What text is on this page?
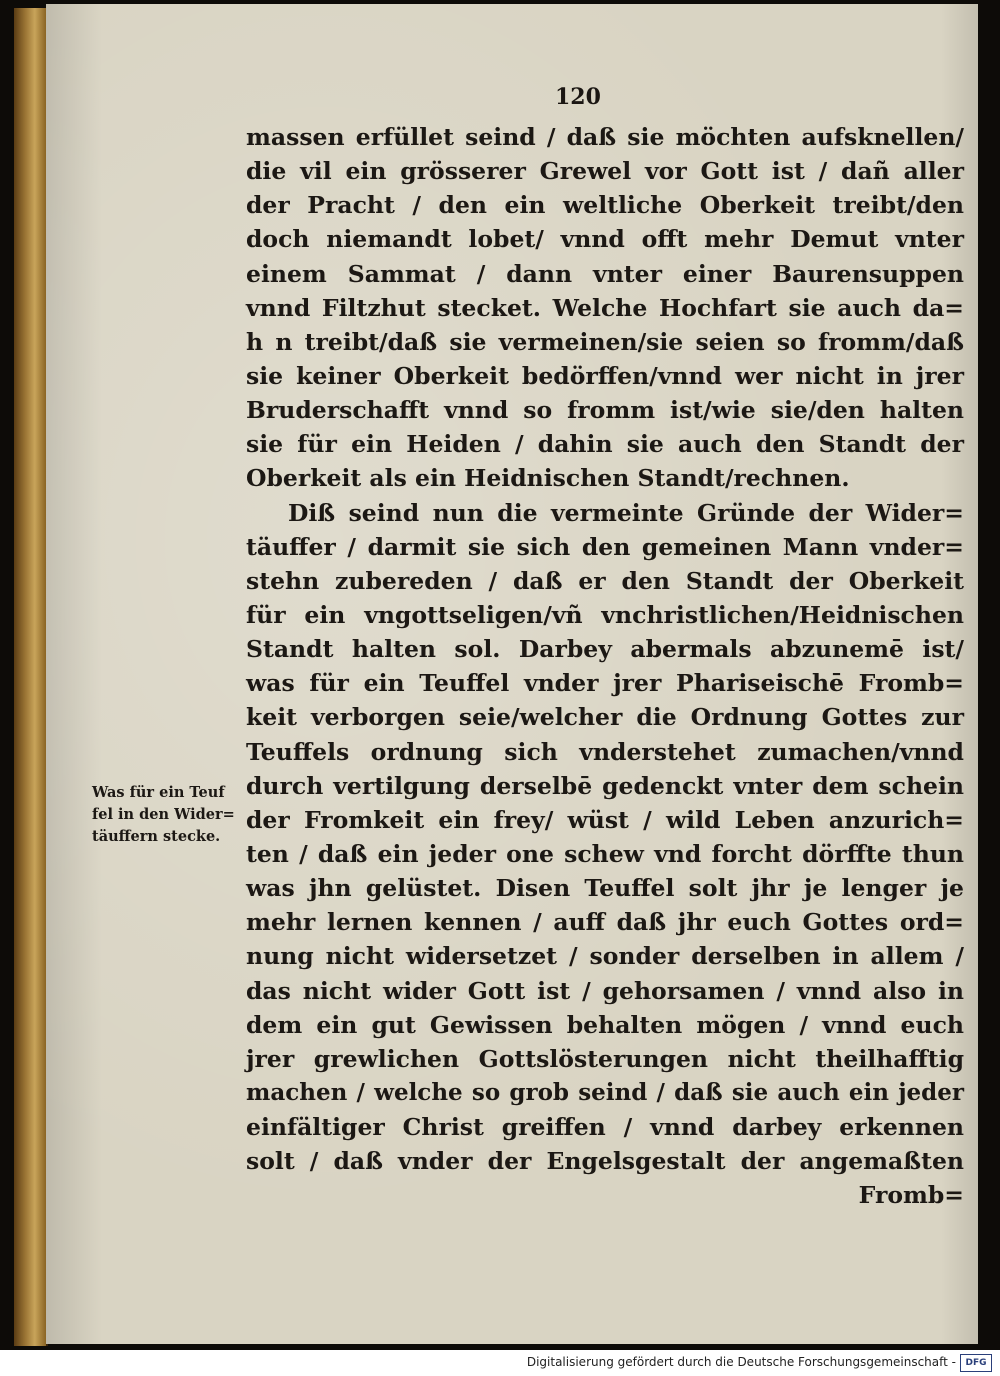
120
Was für ein Teuf
fel in den Wider=
täuffern stecke.
massen erfüllet seind / daß sie möchten aufsknellen/
die vil ein grösserer Grewel vor Gott ist / dañ aller
der Pracht / den ein weltliche Oberkeit treibt/den
doch niemandt lobet/ vnnd offt mehr Demut vnter
einem Sammat / dann vnter einer Baurensuppen
vnnd Filtzhut stecket. Welche Hochfart sie auch da=
h n treibt/daß sie vermeinen/sie seien so fromm/daß
sie keiner Oberkeit bedörffen/vnnd wer nicht in jrer
Bruderschafft vnnd so fromm ist/wie sie/den halten
sie für ein Heiden / dahin sie auch den Standt der
Oberkeit als ein Heidnischen Standt/rechnen.
Diß seind nun die vermeinte Gründe der Wider=
täuffer / darmit sie sich den gemeinen Mann vnder=
stehn zubereden / daß er den Standt der Oberkeit
für ein vngottseligen/vñ vnchristlichen/Heidnischen
Standt halten sol. Darbey abermals abzunemē ist/
was für ein Teuffel vnder jrer Phariseischē Fromb=
keit verborgen seie/welcher die Ordnung Gottes zur
Teuffels ordnung sich vnderstehet zumachen/vnnd
durch vertilgung derselbē gedenckt vnter dem schein
der Fromkeit ein frey/ wüst / wild Leben anzurich=
ten / daß ein jeder one schew vnd forcht dörffte thun
was jhn gelüstet. Disen Teuffel solt jhr je lenger je
mehr lernen kennen / auff daß jhr euch Gottes ord=
nung nicht widersetzet / sonder derselben in allem /
das nicht wider Gott ist / gehorsamen / vnnd also in
dem ein gut Gewissen behalten mögen / vnnd euch
jrer grewlichen Gottslösterungen nicht theilhafftig
machen / welche so grob seind / daß sie auch ein jeder
einfältiger Christ greiffen / vnnd darbey erkennen
solt / daß vnder der Engelsgestalt der angemaßten
Fromb=
Digitalisierung gefördert durch die Deutsche Forschungsgemeinschaft - DFG
